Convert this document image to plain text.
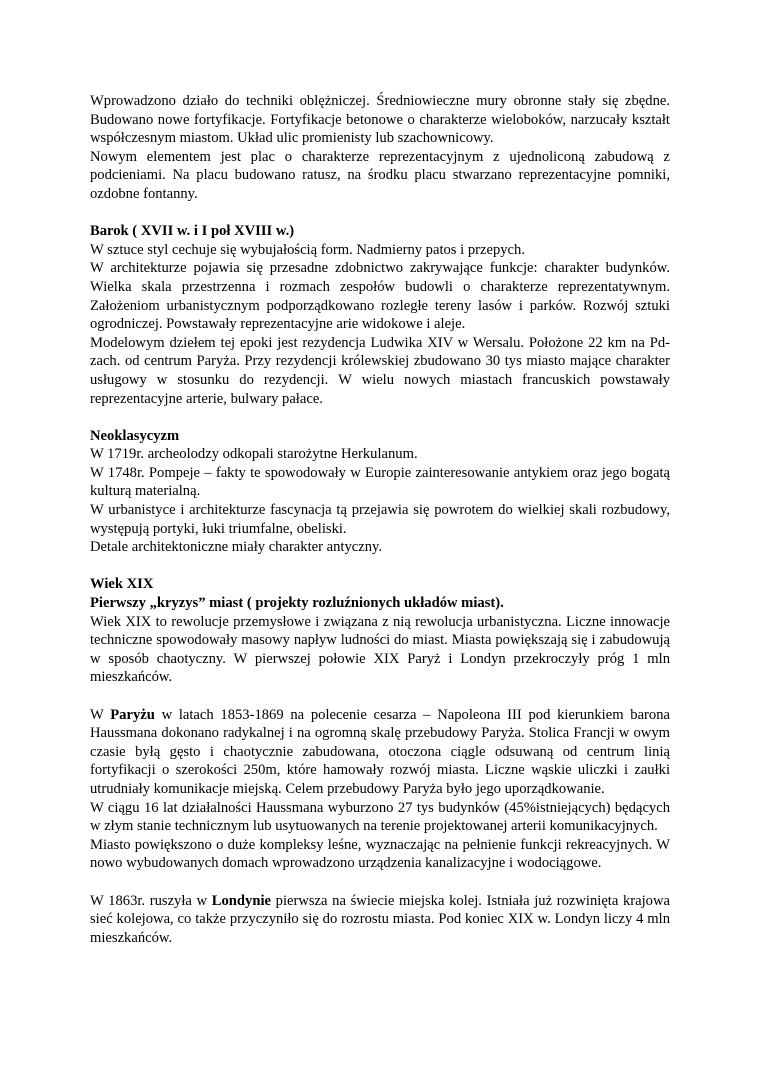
Wprowadzono działo do techniki oblężniczej. Średniowieczne mury obronne stały się zbędne. Budowano nowe fortyfikacje. Fortyfikacje betonowe o charakterze wieloboków, narzucały kształt współczesnym miastom. Układ ulic promienisty lub szachownicowy.

Nowym elementem jest plac o charakterze reprezentacyjnym z ujednoliconą zabudową z podcieniami. Na placu budowano ratusz, na środku placu stwarzano reprezentacyjne pomniki, ozdobne fontanny.

Barok ( XVII w. i I poł XVIII w.)

W sztuce styl cechuje się wybujałością form. Nadmierny patos i przepych.

W architekturze pojawia się przesadne zdobnictwo zakrywające funkcje: charakter budynków. Wielka skala przestrzenna i rozmach zespołów budowli o charakterze reprezentatywnym. Założeniom urbanistycznym podporządkowano rozległe tereny lasów i parków. Rozwój sztuki ogrodniczej. Powstawały reprezentacyjne arie widokowe i aleje.

Modelowym dziełem tej epoki jest rezydencja Ludwika XIV w Wersalu. Położone 22 km na Pd-zach. od centrum Paryża. Przy rezydencji królewskiej zbudowano 30 tys miasto mające charakter usługowy w stosunku do rezydencji. W wielu nowych miastach francuskich powstawały reprezentacyjne arterie, bulwary pałace.

Neoklasycyzm

W 1719r. archeolodzy odkopali starożytne Herkulanum.

W 1748r. Pompeje – fakty te spowodowały w Europie zainteresowanie antykiem oraz jego bogatą kulturą materialną.

W urbanistyce i architekturze fascynacja tą przejawia się powrotem do wielkiej skali rozbudowy, występują portyki, łuki triumfalne, obeliski.

Detale architektoniczne miały charakter antyczny.

Wiek XIX

Pierwszy „kryzys” miast ( projekty rozluźnionych układów miast).

Wiek XIX to rewolucje przemysłowe i związana z nią rewolucja urbanistyczna. Liczne innowacje techniczne spowodowały masowy napływ ludności do miast. Miasta powiększają się i zabudowują w sposób chaotyczny. W pierwszej połowie XIX Paryż i Londyn przekroczyły próg 1 mln mieszkańców.

W Paryżu w latach 1853-1869 na polecenie cesarza – Napoleona III pod kierunkiem barona Haussmana dokonano radykalnej i na ogromną skalę przebudowy Paryża. Stolica Francji w owym czasie byłą gęsto i chaotycznie zabudowana, otoczona ciągle odsuwaną od centrum linią fortyfikacji o szerokości 250m, które hamowały rozwój miasta. Liczne wąskie uliczki i zaułki utrudniały komunikacje miejską. Celem przebudowy Paryża było jego uporządkowanie.

W ciągu 16 lat działalności Haussmana wyburzono 27 tys budynków (45%istniejących) będących w złym stanie technicznym lub usytuowanych na terenie projektowanej arterii komunikacyjnych.

Miasto powiększono o duże kompleksy leśne, wyznaczając na pełnienie funkcji rekreacyjnych. W nowo wybudowanych domach wprowadzono urządzenia kanalizacyjne i wodociągowe.

W 1863r. ruszyła w Londynie pierwsza na świecie miejska kolej. Istniała już rozwinięta krajowa sieć kolejowa, co także przyczyniło się do rozrostu miasta. Pod koniec XIX w. Londyn liczy 4 mln mieszkańców.
